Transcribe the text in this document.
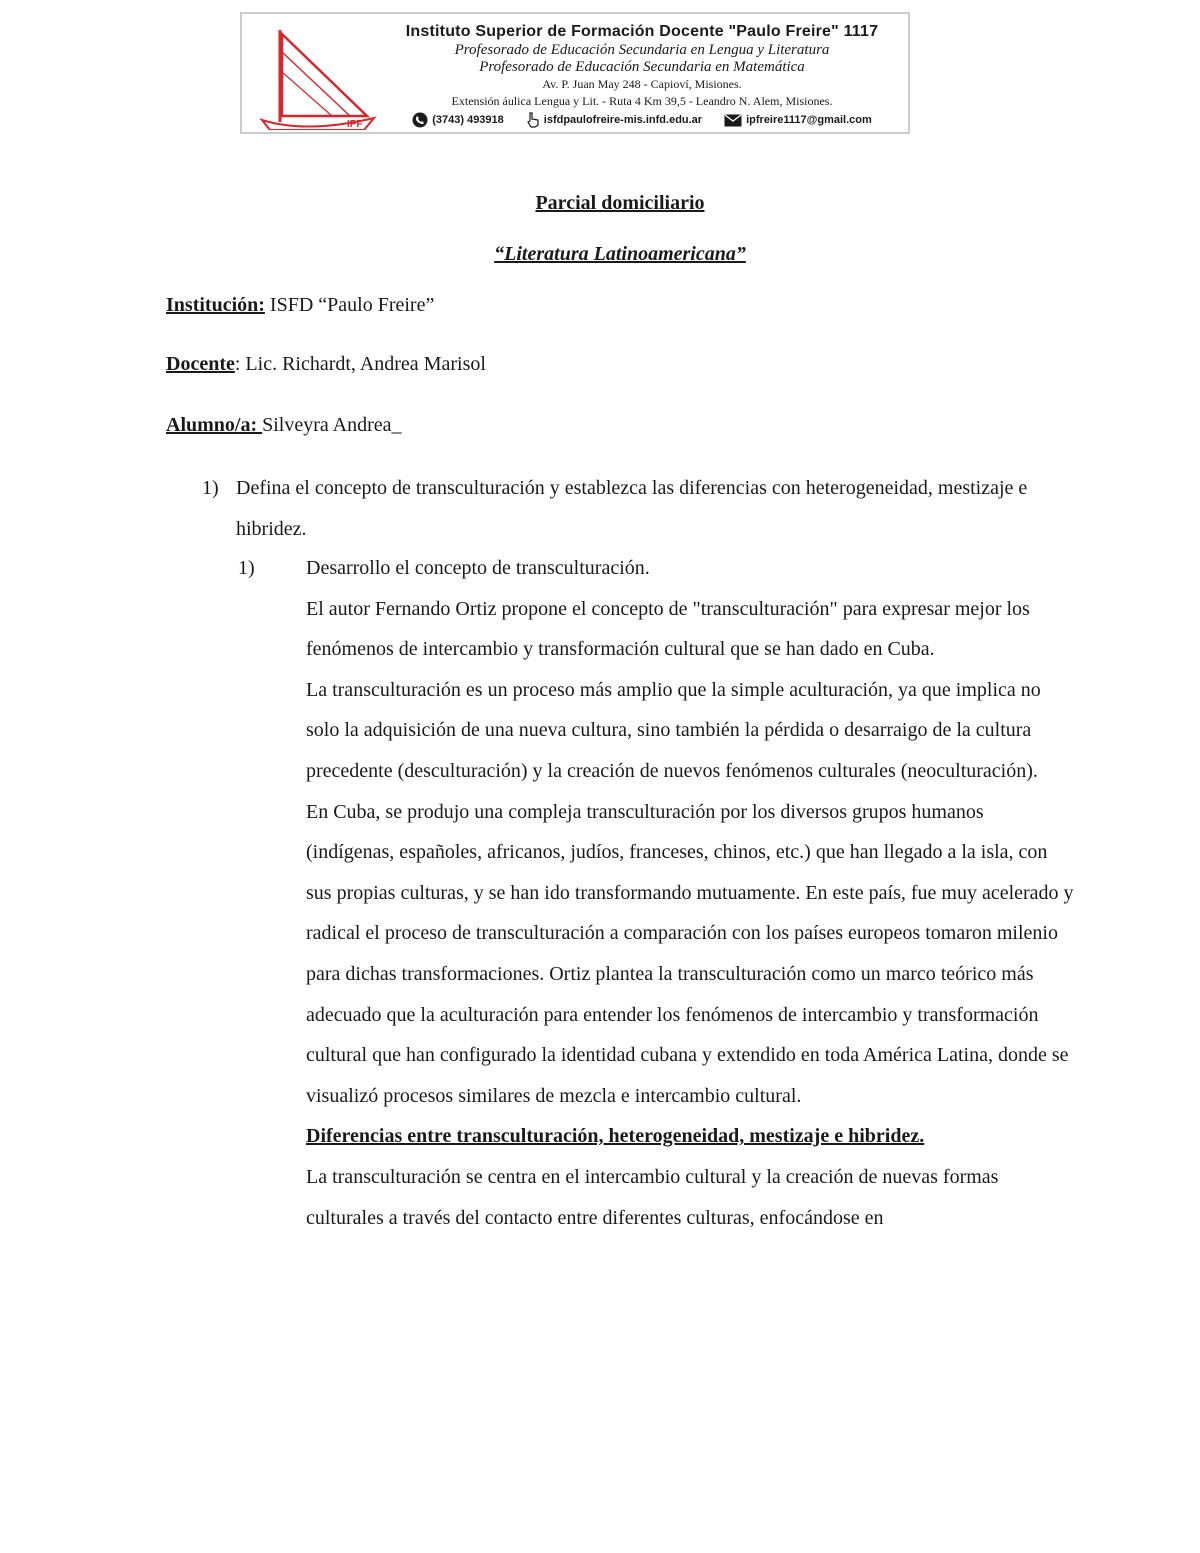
IPF
Instituto Superior de Formación Docente "Paulo Freire" 1117
Profesorado de Educación Secundaria en Lengua y Literatura
Profesorado de Educación Secundaria en Matemática
Av. P. Juan May 248 - Capioví, Misiones.
Extensión áulica Lengua y Lit. - Ruta 4 Km 39,5 - Leandro N. Alem, Misiones.
(3743) 493918	isfdpaulofreire-mis.infd.edu.ar	ipfreire1117@gmail.com
Parcial domiciliario
“Literatura Latinoamericana”
Institución: ISFD “Paulo Freire”
Docente: Lic. Richardt, Andrea Marisol
Alumno/a: Silveyra Andrea_
1) Defina el concepto de transculturación y establezca las diferencias con heterogeneidad, mestizaje e hibridez.
1)	Desarrollo el concepto de transculturación.

El autor Fernando Ortiz propone el concepto de "transculturación" para expresar mejor los fenómenos de intercambio y transformación cultural que se han dado en Cuba.

La transculturación es un proceso más amplio que la simple aculturación, ya que implica no solo la adquisición de una nueva cultura, sino también la pérdida o desarraigo de la cultura precedente (desculturación) y la creación de nuevos fenómenos culturales (neoculturación).

En Cuba, se produjo una compleja transculturación por los diversos grupos humanos (indígenas, españoles, africanos, judíos, franceses, chinos, etc.) que han llegado a la isla, con sus propias culturas, y se han ido transformando mutuamente. En este país, fue muy acelerado y radical el proceso de transculturación a comparación con los países europeos tomaron milenio para dichas transformaciones. Ortiz plantea la transculturación como un marco teórico más adecuado que la aculturación para entender los fenómenos de intercambio y transformación cultural que han configurado la identidad cubana y extendido en toda América Latina, donde se visualizó procesos similares de mezcla e intercambio cultural.

Diferencias entre transculturación, heterogeneidad, mestizaje e hibridez.

La transculturación se centra en el intercambio cultural y la creación de nuevas formas culturales a través del contacto entre diferentes culturas, enfocándose en
